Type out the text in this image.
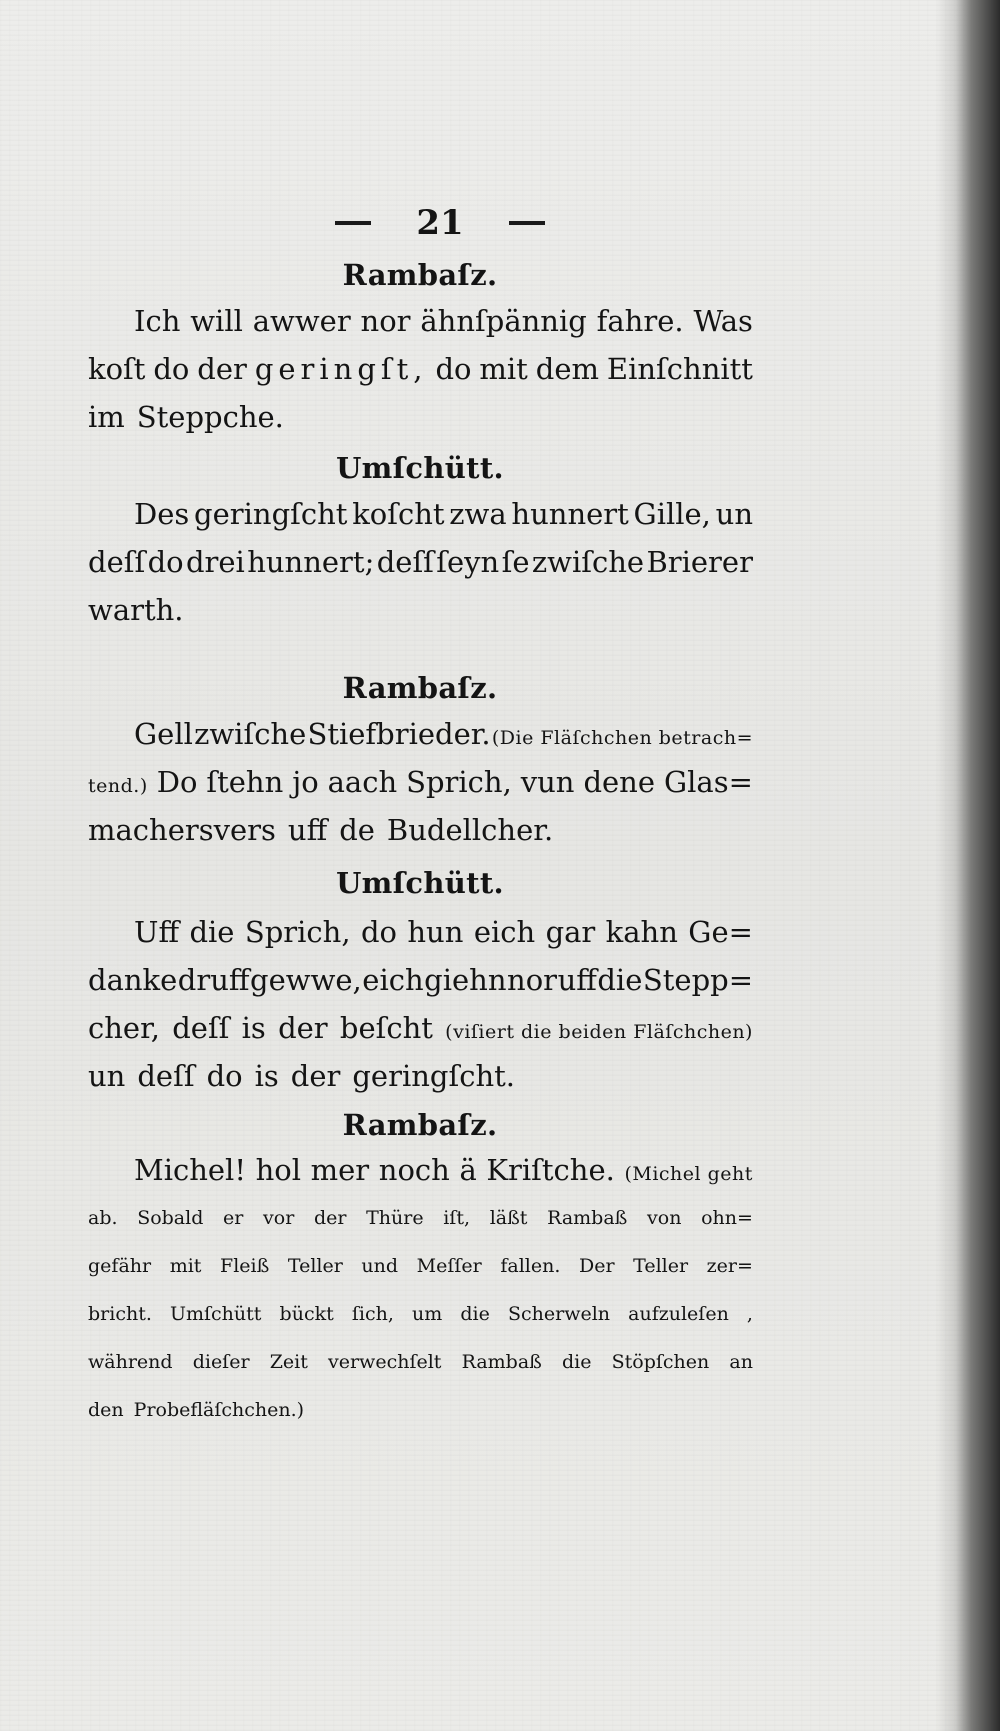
21
Rambaſz.
Ich will awwer nor ähnſpännig fahre. Was
koſt do der geringſt, do mit dem Einſchnitt
im Steppche.
Umſchütt.
Des geringſcht koſcht zwa hunnert Gille, un
deſſ do drei hunnert; deſſ ſeyn ſe zwiſche Brierer
warth.
Rambaſz.
Gell zwiſche Stiefbrieder. (Die Fläſchchen betrach=
tend.) Do ſtehn jo aach Sprich, vun dene Glas=
machersvers uff de Budellcher.
Umſchütt.
Uff die Sprich, do hun eich gar kahn Ge=
danke druff gewwe, eich giehn nor uff die Stepp=
cher, deſſ is der beſcht (viſiert die beiden Fläſchchen)
un deſſ do is der geringſcht.
Rambaſz.
Michel! hol mer noch ä Kriſtche. (Michel geht
ab. Sobald er vor der Thüre iſt, läßt Rambaß von ohn=
gefähr mit Fleiß Teller und Meſſer fallen. Der Teller zer=
bricht. Umſchütt bückt ſich, um die Scherweln aufzuleſen ,
während dieſer Zeit verwechſelt Rambaß die Stöpſchen an
den Probefläſchchen.)
